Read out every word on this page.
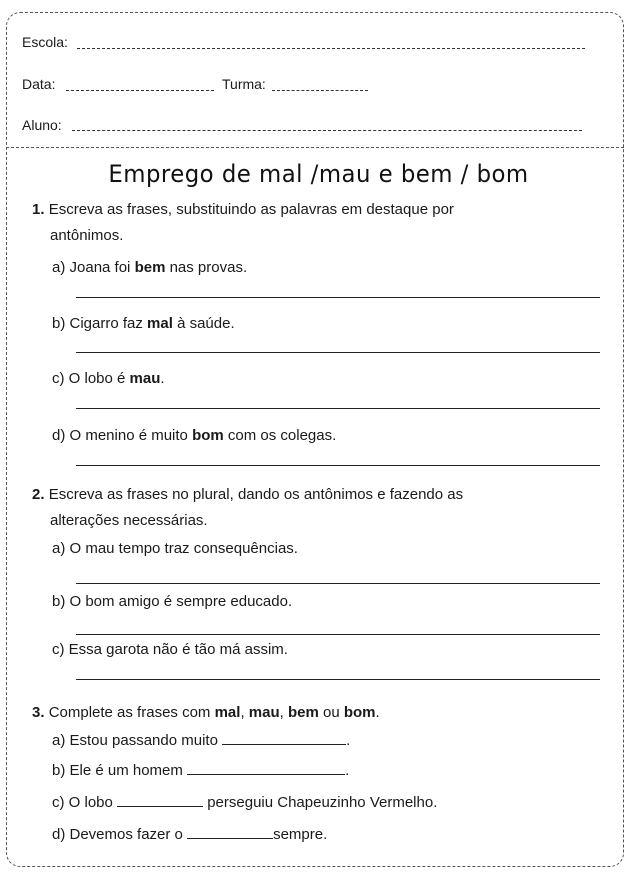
Escola:
Data:	Turma:
Aluno:
Emprego de mal /mau e bem / bom
1. Escreva as frases, substituindo as palavras em destaque por
antônimos.
a) Joana foi bem nas provas.
b) Cigarro faz mal à saúde.
c) O lobo é mau.
d) O menino é muito bom com os colegas.
2. Escreva as frases no plural, dando os antônimos e fazendo as
alterações necessárias.
a) O mau tempo traz consequências.
b) O bom amigo é sempre educado.
c) Essa garota não é tão má assim.
3. Complete as frases com mal, mau, bem ou bom.
a) Estou passando muito	.
b) Ele é um homem	.
c) O lobo	perseguiu Chapeuzinho Vermelho.
d) Devemos fazer o	sempre.
